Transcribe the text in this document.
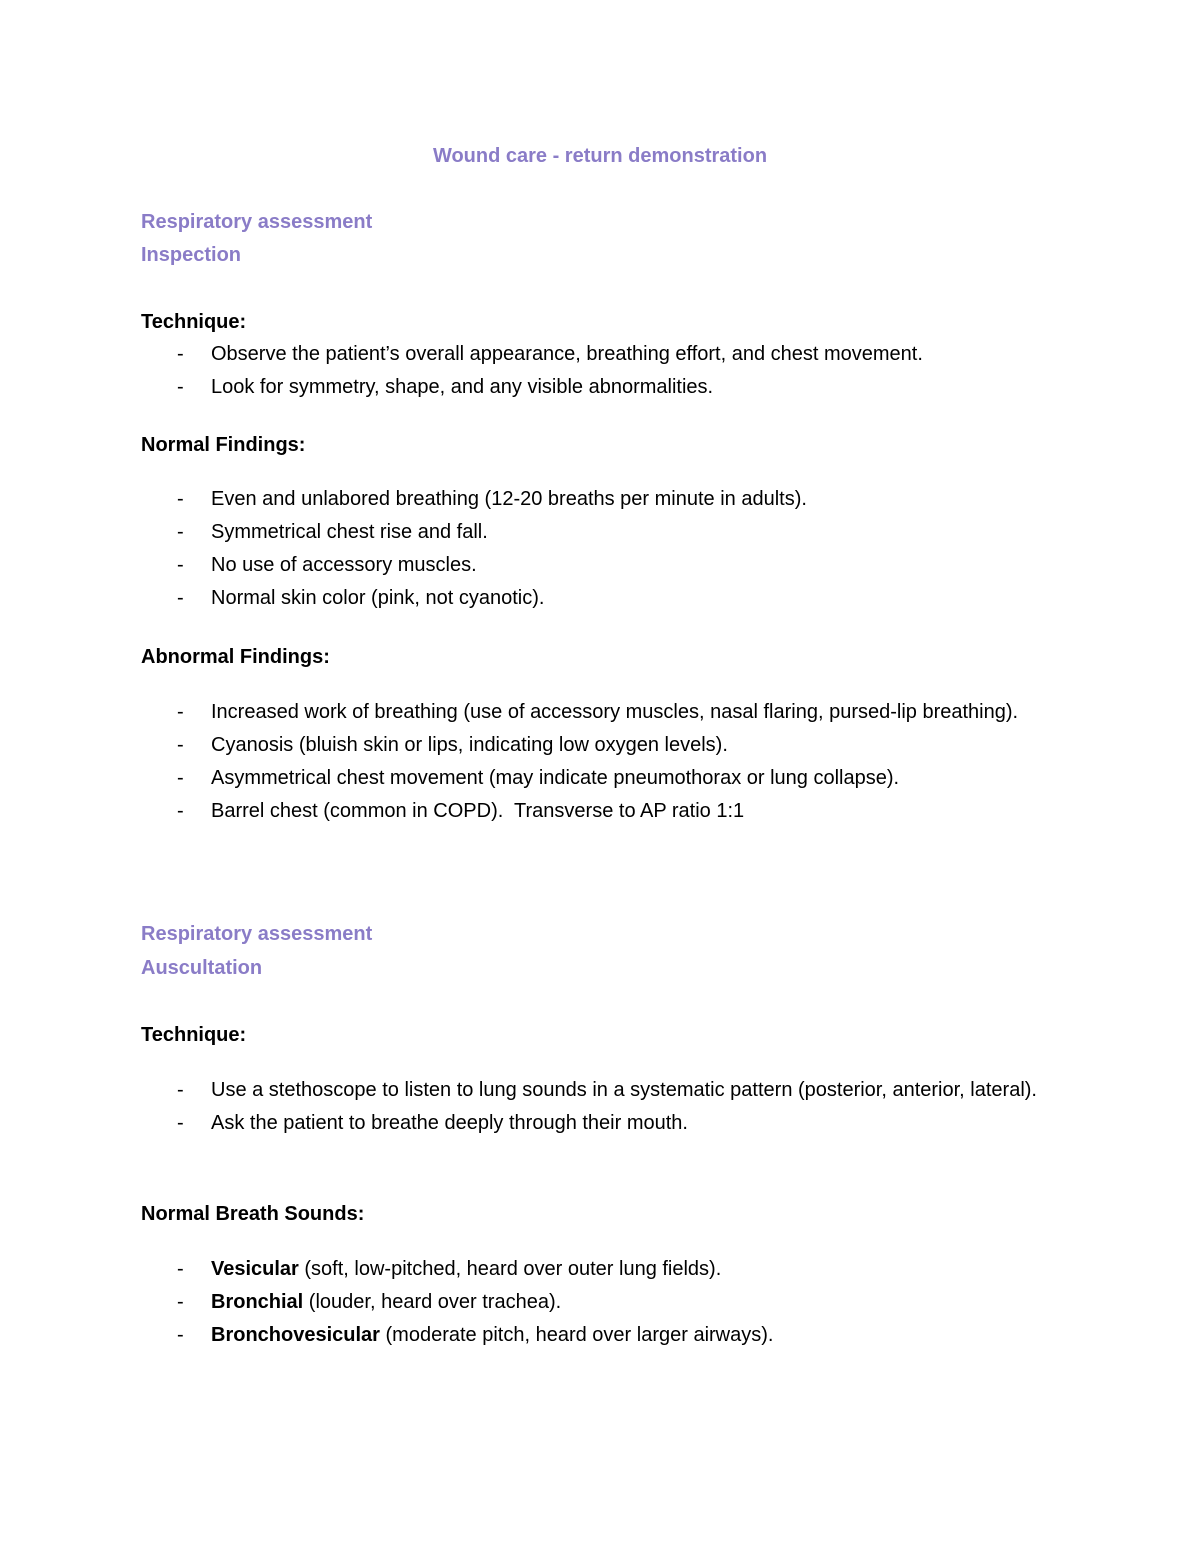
Wound care - return demonstration
Respiratory assessment
Inspection
Technique:
- Observe the patient’s overall appearance, breathing effort, and chest movement.
- Look for symmetry, shape, and any visible abnormalities.
Normal Findings:
- Even and unlabored breathing (12-20 breaths per minute in adults).
- Symmetrical chest rise and fall.
- No use of accessory muscles.
- Normal skin color (pink, not cyanotic).
Abnormal Findings:
- Increased work of breathing (use of accessory muscles, nasal flaring, pursed-lip breathing).
- Cyanosis (bluish skin or lips, indicating low oxygen levels).
- Asymmetrical chest movement (may indicate pneumothorax or lung collapse).
- Barrel chest (common in COPD).  Transverse to AP ratio 1:1
Respiratory assessment
Auscultation
Technique:
- Use a stethoscope to listen to lung sounds in a systematic pattern (posterior, anterior, lateral).
- Ask the patient to breathe deeply through their mouth.
Normal Breath Sounds:
- Vesicular (soft, low-pitched, heard over outer lung fields).
- Bronchial (louder, heard over trachea).
- Bronchovesicular (moderate pitch, heard over larger airways).
